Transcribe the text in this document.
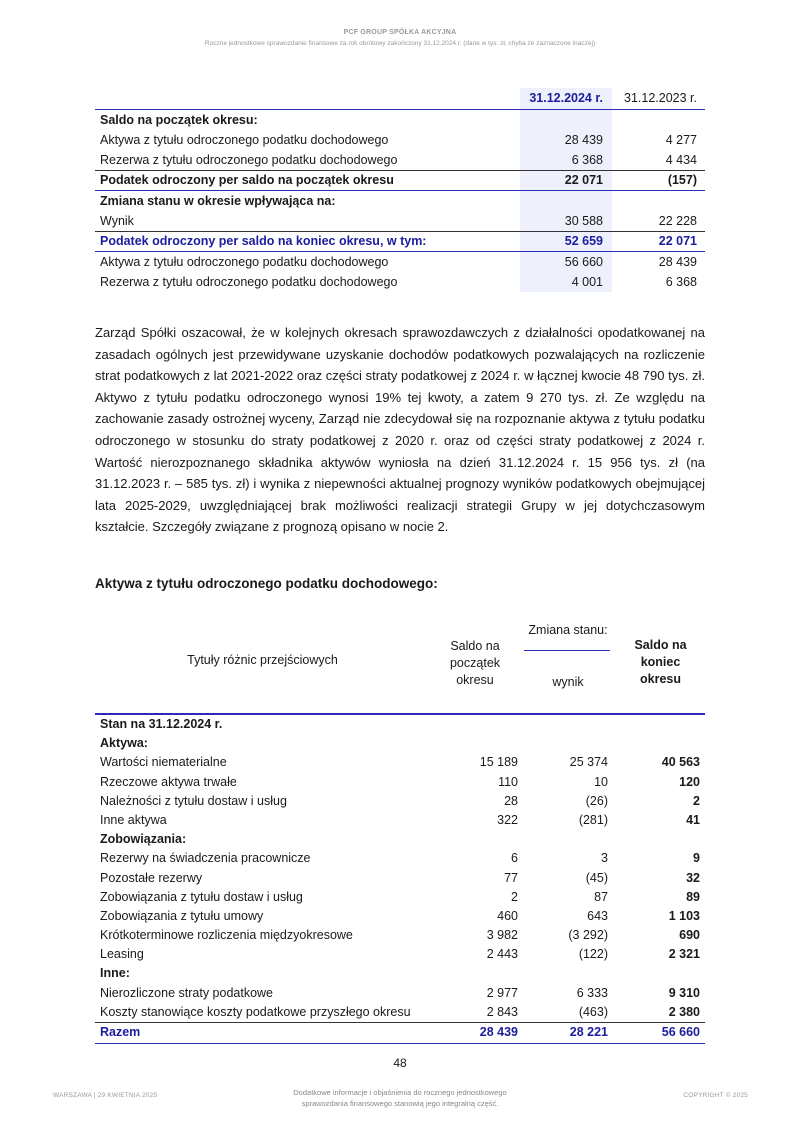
PCF GROUP SPÓŁKA AKCYJNA
Roczne jednostkowe sprawozdanie finansowe za rok obrotowy zakończony 31.12.2024 r. (dane w tys. zł, chyba że zaznaczone inaczej)
31.12.2024 r.	31.12.2023 r.
Saldo na początek okresu:
Aktywa z tytułu odroczonego podatku dochodowego	28 439	4 277
Rezerwa z tytułu odroczonego podatku dochodowego	6 368	4 434
Podatek odroczony per saldo na początek okresu	22 071	(157)
Zmiana stanu w okresie wpływająca na:
Wynik	30 588	22 228
Podatek odroczony per saldo na koniec okresu, w tym:	52 659	22 071
Aktywa z tytułu odroczonego podatku dochodowego	56 660	28 439
Rezerwa z tytułu odroczonego podatku dochodowego	4 001	6 368
Zarząd Spółki oszacował, że w kolejnych okresach sprawozdawczych z działalności opodatkowanej na zasadach ogólnych jest przewidywane uzyskanie dochodów podatkowych pozwalających na rozliczenie strat podatkowych z lat 2021-2022 oraz części straty podatkowej z 2024 r. w łącznej kwocie 48 790 tys. zł. Aktywo z tytułu podatku odroczonego wynosi 19% tej kwoty, a zatem 9 270 tys. zł. Ze względu na zachowanie zasady ostrożnej wyceny, Zarząd nie zdecydował się na rozpoznanie aktywa z tytułu podatku odroczonego w stosunku do straty podatkowej z 2020 r. oraz od części straty podatkowej z 2024 r. Wartość nierozpoznanego składnika aktywów wyniosła na dzień 31.12.2024 r. 15 956 tys. zł (na 31.12.2023 r. – 585 tys. zł) i wynika z niepewności aktualnej prognozy wyników podatkowych obejmującej lata 2025-2029, uwzględniającej brak możliwości realizacji strategii Grupy w jej dotychczasowym kształcie. Szczegóły związane z prognozą opisano w nocie 2.
Aktywa z tytułu odroczonego podatku dochodowego:
Tytuły różnic przejściowych
Saldo na
początek
okresu
Zmiana stanu:
wynik
Saldo na
koniec
okresu
Stan na 31.12.2024 r.
Aktywa:
Wartości niematerialne	15 189	25 374	40 563
Rzeczowe aktywa trwałe	110	10	120
Należności z tytułu dostaw i usług	28	(26)	2
Inne aktywa	322	(281)	41
Zobowiązania:
Rezerwy na świadczenia pracownicze	6	3	9
Pozostałe rezerwy	77	(45)	32
Zobowiązania z tytułu dostaw i usług	2	87	89
Zobowiązania z tytułu umowy	460	643	1 103
Krótkoterminowe rozliczenia międzyokresowe	3 982	(3 292)	690
Leasing	2 443	(122)	2 321
Inne:
Nierozliczone straty podatkowe	2 977	6 333	9 310
Koszty stanowiące koszty podatkowe przyszłego okresu	2 843	(463)	2 380
Razem	28 439	28 221	56 660
48
WARSZAWA | 29 KWIETNIA 2025	Dodatkowe informacje i objaśnienia do rocznego jednostkowego
sprawozdania finansowego stanowią jego integralną część.
COPYRIGHT © 2025
